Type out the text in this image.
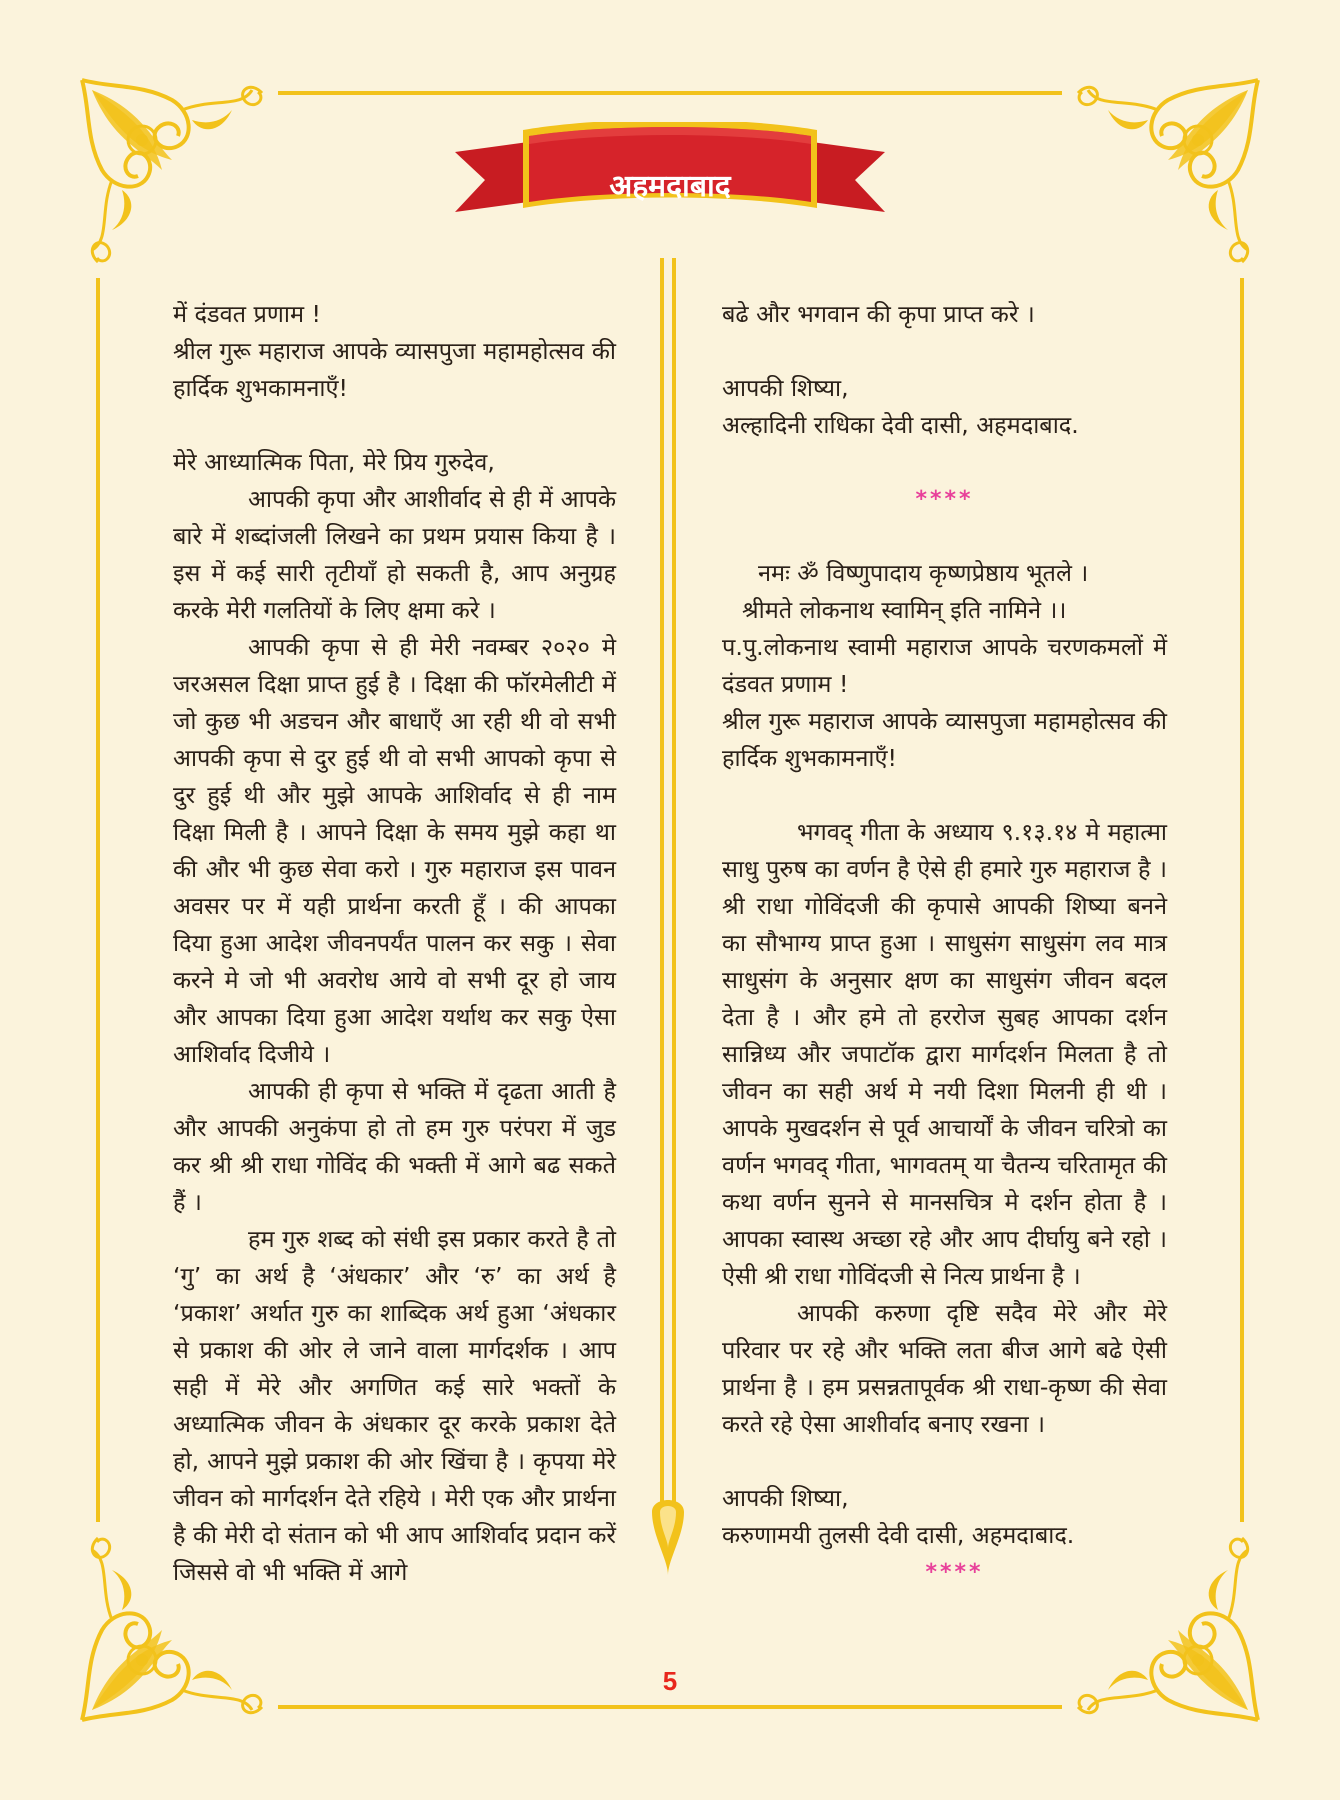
अहमदाबाद

में दंडवत प्रणाम !

श्रील गुरू महाराज आपके व्यासपुजा महामहोत्सव की हार्दिक शुभकामनाएँ!

मेरे आध्यात्मिक पिता, मेरे प्रिय गुरुदेव,

आपकी कृपा और आशीर्वाद से ही में आपके बारे में शब्दांजली लिखने का प्रथम प्रयास किया है । इस में कई सारी तृटीयाँ हो सकती है, आप अनुग्रह करके मेरी गलतियों के लिए क्षमा करे ।

आपकी कृपा से ही मेरी नवम्बर २०२० मे जरअसल दिक्षा प्राप्त हुई है । दिक्षा की फॉरमेलीटी में जो कुछ भी अडचन और बाधाएँ आ रही थी वो सभी आपकी कृपा से दुर हुई थी वो सभी आपको कृपा से दुर हुई थी और मुझे आपके आशिर्वाद से ही नाम दिक्षा मिली है । आपने दिक्षा के समय मुझे कहा था की और भी कुछ सेवा करो । गुरु महाराज इस पावन अवसर पर में यही प्रार्थना करती हूँ । की आपका दिया हुआ आदेश जीवनपर्यंत पालन कर सकु । सेवा करने मे जो भी अवरोध आये वो सभी दूर हो जाय और आपका दिया हुआ आदेश यर्थाथ कर सकु ऐसा आशिर्वाद दिजीये ।

आपकी ही कृपा से भक्ति में दृढता आती है और आपकी अनुकंपा हो तो हम गुरु परंपरा में जुड कर श्री श्री राधा गोविंद की भक्ती में आगे बढ सकते हैं ।

हम गुरु शब्द को संधी इस प्रकार करते है तो ‘गु’ का अर्थ है ‘अंधकार’ और ‘रु’ का अर्थ है ‘प्रकाश’ अर्थात गुरु का शाब्दिक अर्थ हुआ ‘अंधकार से प्रकाश की ओर ले जाने वाला मार्गदर्शक । आप सही में मेरे और अगणित कई सारे भक्तों के अध्यात्मिक जीवन के अंधकार दूर करके प्रकाश देते हो, आपने मुझे प्रकाश की ओर खिंचा है । कृपया मेरे जीवन को मार्गदर्शन देते रहिये । मेरी एक और प्रार्थना है की मेरी दो संतान को भी आप आशिर्वाद प्रदान करें जिससे वो भी भक्ति में आगे

बढे और भगवान की कृपा प्राप्त करे ।

आपकी शिष्या,

अल्हादिनी राधिका देवी दासी, अहमदाबाद.

****

नमः ॐ विष्णुपादाय कृष्णप्रेष्ठाय भूतले ।

श्रीमते लोकनाथ स्वामिन् इति नामिने ।।

प.पु.लोकनाथ स्वामी महाराज आपके चरणकमलों में दंडवत प्रणाम !

श्रील गुरू महाराज आपके व्यासपुजा महामहोत्सव की हार्दिक शुभकामनाएँ!

भगवद् गीता के अध्याय ९.१३.१४ मे महात्मा साधु पुरुष का वर्णन है ऐसे ही हमारे गुरु महाराज है । श्री राधा गोविंदजी की कृपासे आपकी शिष्या बनने का सौभाग्य प्राप्त हुआ । साधुसंग साधुसंग लव मात्र साधुसंग के अनुसार क्षण का साधुसंग जीवन बदल देता है । और हमे तो हररोज सुबह आपका दर्शन सान्निध्य और जपाटॉक द्वारा मार्गदर्शन मिलता है तो जीवन का सही अर्थ मे नयी दिशा मिलनी ही थी । आपके मुखदर्शन से पूर्व आचार्यों के जीवन चरित्रो का वर्णन भगवद् गीता, भागवतम् या चैतन्य चरितामृत की कथा वर्णन सुनने से मानसचित्र मे दर्शन होता है । आपका स्वास्थ अच्छा रहे और आप दीर्घायु बने रहो । ऐसी श्री राधा गोविंदजी से नित्य प्रार्थना है ।

आपकी करुणा दृष्टि सदैव मेरे और मेरे परिवार पर रहे और भक्ति लता बीज आगे बढे ऐसी प्रार्थना है । हम प्रसन्नतापूर्वक श्री राधा-कृष्ण की सेवा करते रहे ऐसा आशीर्वाद बनाए रखना ।

आपकी शिष्या,

करुणामयी तुलसी देवी दासी, अहमदाबाद.

****

5
